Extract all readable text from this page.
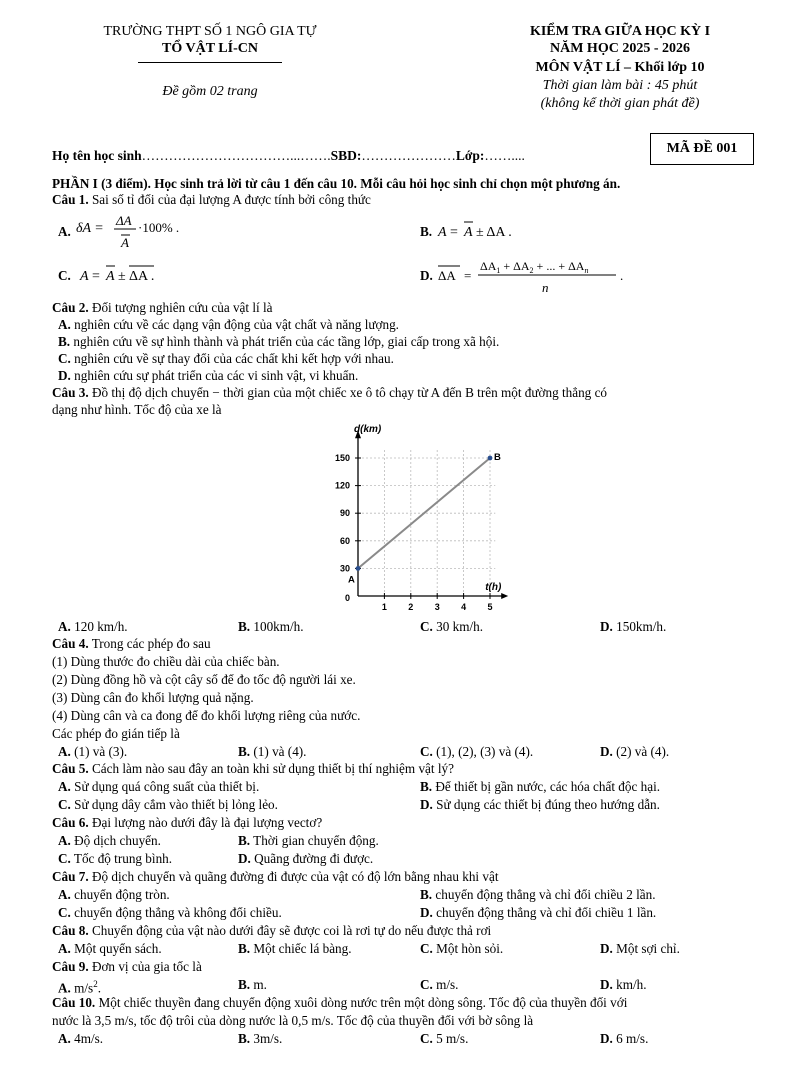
TRƯỜNG THPT SỐ 1 NGÔ GIA TỰ
TỔ VẬT LÍ-CN
Đề gồm 02 trang
KIỂM TRA GIỮA HỌC KỲ I
NĂM HỌC 2025 - 2026
MÔN VẬT LÍ – Khối lớp 10
Thời gian làm bài : 45 phút
(không kể thời gian phát đề)
MÃ ĐỀ 001
Họ tên học sinh……………………………...…….SBD:…………………Lớp:……....
PHẦN I (3 điểm). Học sinh trả lời từ câu 1 đến câu 10. Mỗi câu hỏi học sinh chỉ chọn một phương án.
Câu 1. Sai số tỉ đối của đại lượng A được tính bởi công thức
A. δA =
ΔA
A
·100% .	B. A = A ± ΔA .
C. A = A ± ΔA .	D. ΔA =
$\Delta A_1 + \Delta A_2$ + ... + $\Delta A_n$
n
.
Câu 2. Đối tượng nghiên cứu của vật lí là
A. nghiên cứu về các dạng vận động của vật chất và năng lượng.
B. nghiên cứu về sự hình thành và phát triển của các tầng lớp, giai cấp trong xã hội.
C. nghiên cứu về sự thay đổi của các chất khi kết hợp với nhau.
D. nghiên cứu sự phát triển của các vi sinh vật, vi khuẩn.
Câu 3. Đồ thị độ dịch chuyển − thời gian của một chiếc xe ô tô chạy từ A đến B trên một đường thẳng có
dạng như hình. Tốc độ của xe là
1 2 3 4 5
0
30
60
90
120
150
d(km)
t(h)
A
B
A. 120 km/h.	B. 100km/h.	C. 30 km/h.	D. 150km/h.
Câu 4. Trong các phép đo sau
(1) Dùng thước đo chiều dài của chiếc bàn.
(2) Dùng đồng hồ và cột cây số để đo tốc độ người lái xe.
(3) Dùng cân đo khối lượng quả nặng.
(4) Dùng cân và ca đong để đo khối lượng riêng của nước.
Các phép đo gián tiếp là
A. (1) và (3).	B. (1) và (4).	C. (1), (2), (3) và (4).	D. (2) và (4).
Câu 5. Cách làm nào sau đây an toàn khi sử dụng thiết bị thí nghiệm vật lý?
A. Sử dụng quá công suất của thiết bị.	B. Để thiết bị gần nước, các hóa chất độc hại.
C. Sử dụng dây cắm vào thiết bị lỏng lẻo.	D. Sử dụng các thiết bị đúng theo hướng dẫn.
Câu 6. Đại lượng nào dưới đây là đại lượng vectơ?
A. Độ dịch chuyển.	B. Thời gian chuyển động.
C. Tốc độ trung bình.	D. Quãng đường đi được.
Câu 7. Độ dịch chuyển và quãng đường đi được của vật có độ lớn bằng nhau khi vật
A. chuyển động tròn.	B. chuyển động thẳng và chỉ đổi chiều 2 lần.
C. chuyển động thẳng và không đổi chiều.	D. chuyển động thẳng và chỉ đổi chiều 1 lần.
Câu 8. Chuyển động của vật nào dưới đây sẽ được coi là rơi tự do nếu được thả rơi
A. Một quyển sách.	B. Một chiếc lá bàng.	C. Một hòn sỏi.	D. Một sợi chỉ.
Câu 9. Đơn vị của gia tốc là
A. $m/s^2$.	B. m.	C. m/s.	D. km/h.
Câu 10. Một chiếc thuyền đang chuyển động xuôi dòng nước trên một dòng sông. Tốc độ của thuyền đối với
nước là 3,5 m/s, tốc độ trôi của dòng nước là 0,5 m/s. Tốc độ của thuyền đối với bờ sông là
A. 4m/s.	B. 3m/s.	C. 5 m/s.	D. 6 m/s.
